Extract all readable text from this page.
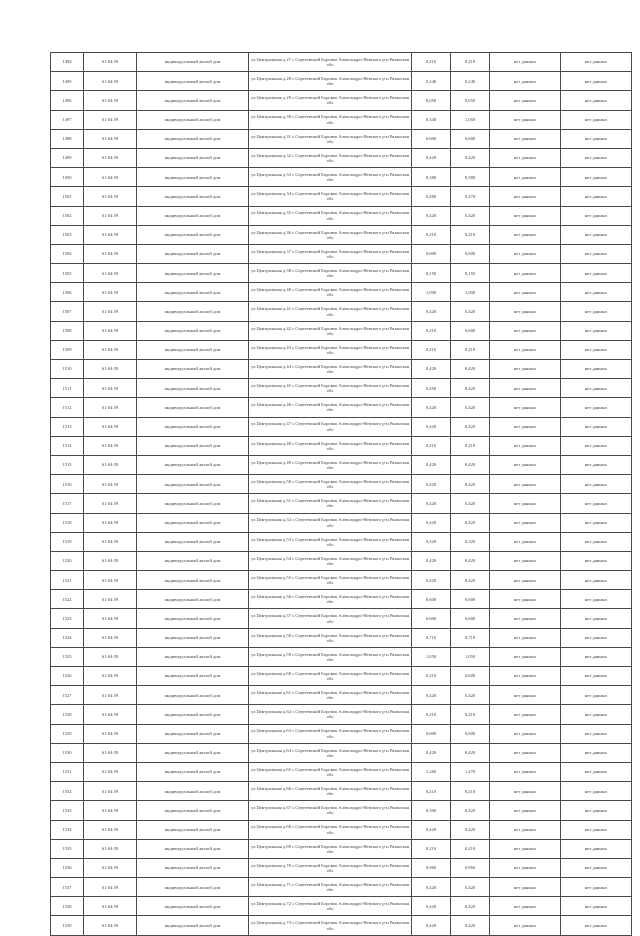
1494	61:04:59	индивидуальный жилой дом	ул.Центральная д.27 с.Сергеевский Боровок Александро-Невского р-н Рязанская обл	0,210	0,210	нет данных	нет данных
1495	61:04:59	индивидуальный жилой дом	ул.Центральная д.28 с.Сергеевский Боровок Александро-Невского р-н Рязанская обл	0,240	0,240	нет данных	нет данных
1496	61:04:59	индивидуальный жилой дом	ул.Центральная д.29 с.Сергеевский Боровок Александро-Невского р-н Рязанская обл	0,050	0,050	нет данных	нет данных
1497	61:04:59	индивидуальный жилой дом	ул.Центральная д.30 с.Сергеевский Боровок Александро-Невского р-н Рязанская обл	0,340	1,050	нет данных	нет данных
1498	61:04:59	индивидуальный жилой дом	ул.Центральная д.31 с.Сергеевский Боровок Александро-Невского р-н Рязанская обл	0,600	0,600	нет данных	нет данных
1499	61:04:59	индивидуальный жилой дом	ул.Центральная д.32 с.Сергеевский Боровок Александро-Невского р-н Рязанская обл	0,420	0,420	нет данных	нет данных
1500	61:04:59	индивидуальный жилой дом	ул.Центральная д.33 с.Сергеевский Боровок Александро-Невского р-н Рязанская обл	0,380	0,380	нет данных	нет данных
1501	61:04:59	индивидуальный жилой дом	ул.Центральная д.34 с.Сергеевский Боровок Александро-Невского р-н Рязанская обл	0,480	0,470	нет данных	нет данных
1502	61:04:59	индивидуальный жилой дом	ул.Центральная д.35 с.Сергеевский Боровок Александро-Невского р-н Рязанская обл	0,420	0,420	нет данных	нет данных
1503	61:04:59	индивидуальный жилой дом	ул.Центральная д.36 с.Сергеевский Боровок Александро-Невского р-н Рязанская обл	0,210	0,210	нет данных	нет данных
1504	61:04:59	индивидуальный жилой дом	ул.Центральная д.37 с.Сергеевский Боровок Александро-Невского р-н Рязанская обл	0,600	0,600	нет данных	нет данных
1505	61:04:59	индивидуальный жилой дом	ул.Центральная д.38 с.Сергеевский Боровок Александро-Невского р-н Рязанская обл	0,150	0,150	нет данных	нет данных
1506	61:04:59	индивидуальный жилой дом	ул.Центральная д.40 с.Сергеевский Боровок Александро-Невского р-н Рязанская обл	1,000	1,000	нет данных	нет данных
1507	61:04:59	индивидуальный жилой дом	ул.Центральная д.41 с.Сергеевский Боровок Александро-Невского р-н Рязанская обл	0,420	0,420	нет данных	нет данных
1508	61:04:59	индивидуальный жилой дом	ул.Центральная д.42 с.Сергеевский Боровок Александро-Невского р-н Рязанская обл	0,210	0,600	нет данных	нет данных
1509	61:04:59	индивидуальный жилой дом	ул.Центральная д.43 с.Сергеевский Боровок Александро-Невского р-н Рязанская обл	0,210	0,210	нет данных	нет данных
1510	61:04:59	индивидуальный жилой дом	ул.Центральная д.44 с.Сергеевский Боровок Александро-Невского р-н Рязанская обл	0,420	0,420	нет данных	нет данных
1511	61:04:59	индивидуальный жилой дом	ул.Центральная д.45 с.Сергеевский Боровок Александро-Невского р-н Рязанская обл	0,450	0,420	нет данных	нет данных
1512	61:04:59	индивидуальный жилой дом	ул.Центральная д.46 с.Сергеевский Боровок Александро-Невского р-н Рязанская обл	0,420	0,420	нет данных	нет данных
1513	61:04:59	индивидуальный жилой дом	ул.Центральная д.47 с.Сергеевский Боровок Александро-Невского р-н Рязанская обл	0,420	0,420	нет данных	нет данных
1514	61:04:59	индивидуальный жилой дом	ул.Центральная д.48 с.Сергеевский Боровок Александро-Невского р-н Рязанская обл	0,210	0,210	нет данных	нет данных
1515	61:04:59	индивидуальный жилой дом	ул.Центральная д.49 с.Сергеевский Боровок Александро-Невского р-н Рязанская обл	0,420	0,420	нет данных	нет данных
1516	61:04:59	индивидуальный жилой дом	ул.Центральная д.50 с.Сергеевский Боровок Александро-Невского р-н Рязанская обл	0,420	0,420	нет данных	нет данных
1517	61:04:59	индивидуальный жилой дом	ул.Центральная д.51 с.Сергеевский Боровок Александро-Невского р-н Рязанская обл	0,420	0,420	нет данных	нет данных
1518	61:04:59	индивидуальный жилой дом	ул.Центральная д.52 с.Сергеевский Боровок Александро-Невского р-н Рязанская обл	0,420	0,420	нет данных	нет данных
1519	61:04:59	индивидуальный жилой дом	ул.Центральная д.53 с.Сергеевский Боровок Александро-Невского р-н Рязанская обл	0,520	0,520	нет данных	нет данных
1520	61:04:59	индивидуальный жилой дом	ул.Центральная д.54 с.Сергеевский Боровок Александро-Невского р-н Рязанская обл	0,420	0,420	нет данных	нет данных
1521	61:04:59	индивидуальный жилой дом	ул.Центральная д.55 с.Сергеевский Боровок Александро-Невского р-н Рязанская обл	0,420	0,420	нет данных	нет данных
1522	61:04:59	индивидуальный жилой дом	ул.Центральная д.56 с.Сергеевский Боровок Александро-Невского р-н Рязанская обл	0,600	0,600	нет данных	нет данных
1523	61:04:59	индивидуальный жилой дом	ул.Центральная д.57 с.Сергеевский Боровок Александро-Невского р-н Рязанская обл	0,600	0,600	нет данных	нет данных
1524	61:04:59	индивидуальный жилой дом	ул.Центральная д.58 с.Сергеевский Боровок Александро-Невского р-н Рязанская обл	0,710	0,710	нет данных	нет данных
1525	61:04:59	индивидуальный жилой дом	ул.Центральная д.59 с.Сергеевский Боровок Александро-Невского р-н Рязанская обл	1,050	1,050	нет данных	нет данных
1526	61:04:59	индивидуальный жилой дом	ул.Центральная д.60 с.Сергеевский Боровок Александро-Невского р-н Рязанская обл	0,210	0,600	нет данных	нет данных
1527	61:04:59	индивидуальный жилой дом	ул.Центральная д.61 с.Сергеевский Боровок Александро-Невского р-н Рязанская обл	0,420	0,420	нет данных	нет данных
1528	61:04:59	индивидуальный жилой дом	ул.Центральная д.62 с.Сергеевский Боровок Александро-Невского р-н Рязанская обл	0,210	0,210	нет данных	нет данных
1529	61:04:59	индивидуальный жилой дом	ул.Центральная д.63 с.Сергеевский Боровок Александро-Невского р-н Рязанская обл	0,600	0,600	нет данных	нет данных
1530	61:04:59	индивидуальный жилой дом	ул.Центральная д.64 с.Сергеевский Боровок Александро-Невского р-н Рязанская обл	0,420	0,420	нет данных	нет данных
1531	61:04:59	индивидуальный жилой дом	ул.Центральная д.65 с.Сергеевский Боровок Александро-Невского р-н Рязанская обл	1,260	1,470	нет данных	нет данных
1532	61:04:59	индивидуальный жилой дом	ул.Центральная д.66 с.Сергеевский Боровок Александро-Невского р-н Рязанская обл	0,210	0,210	нет данных	нет данных
1533	61:04:59	индивидуальный жилой дом	ул.Центральная д.67 с.Сергеевский Боровок Александро-Невского р-н Рязанская обл	0,500	0,420	нет данных	нет данных
1534	61:04:59	индивидуальный жилой дом	ул.Центральная д.68 с.Сергеевский Боровок Александро-Невского р-н Рязанская обл	0,420	0,420	нет данных	нет данных
1535	61:04:59	индивидуальный жилой дом	ул.Центральная д.69 с.Сергеевский Боровок Александро-Невского р-н Рязанская обл	0,210	0,210	нет данных	нет данных
1536	61:04:59	индивидуальный жилой дом	ул.Центральная д.70 с.Сергеевский Боровок Александро-Невского р-н Рязанская обл	0,960	0,960	нет данных	нет данных
1537	61:04:59	индивидуальный жилой дом	ул.Центральная д.71 с.Сергеевский Боровок Александро-Невского р-н Рязанская обл	0,420	0,420	нет данных	нет данных
1538	61:04:59	индивидуальный жилой дом	ул.Центральная д.72 с.Сергеевский Боровок Александро-Невского р-н Рязанская обл	0,420	0,420	нет данных	нет данных
1539	61:04:59	индивидуальный жилой дом	ул.Центральная д.73 с.Сергеевский Боровок Александро-Невского р-н Рязанская обл	0,420	0,420	нет данных	нет данных
